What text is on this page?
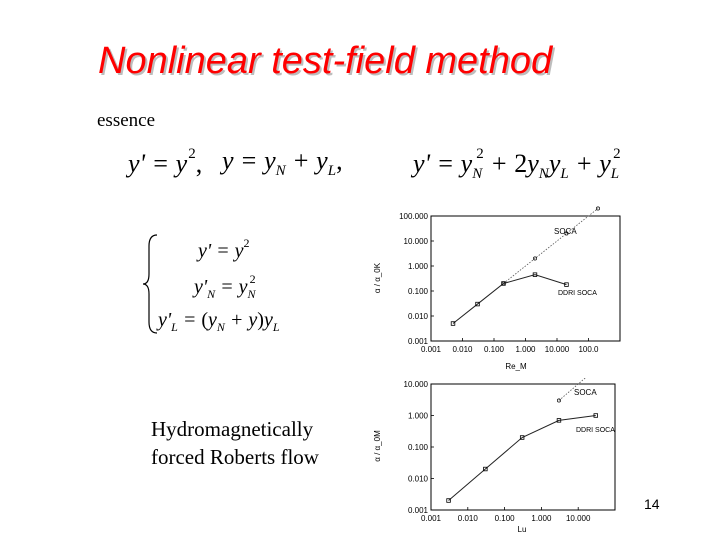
Nonlinear test-field method
essence
$y' = y^2$, $y = y_N + y_L$,	$y' = y_N^2 + 2y_Ny_L + y_L^2$
$y' = y^2$
$y'_N = y_N^2$
$y'_L = (y_N + y)y_L$
Hydromagnetically
forced Roberts flow
0.001 0.010 0.100 1.000 10.000 100.0
0.001
0.010
0.100
1.000
10.000
100.000
SOCA
DDRI SOCA
Re_M
α / α_0K
0.001 0.010 0.100 1.000 10.000
0.001
0.010
0.100
1.000
10.000
SOCA
DDRI SOCA
Lu
α / α_0M
14
